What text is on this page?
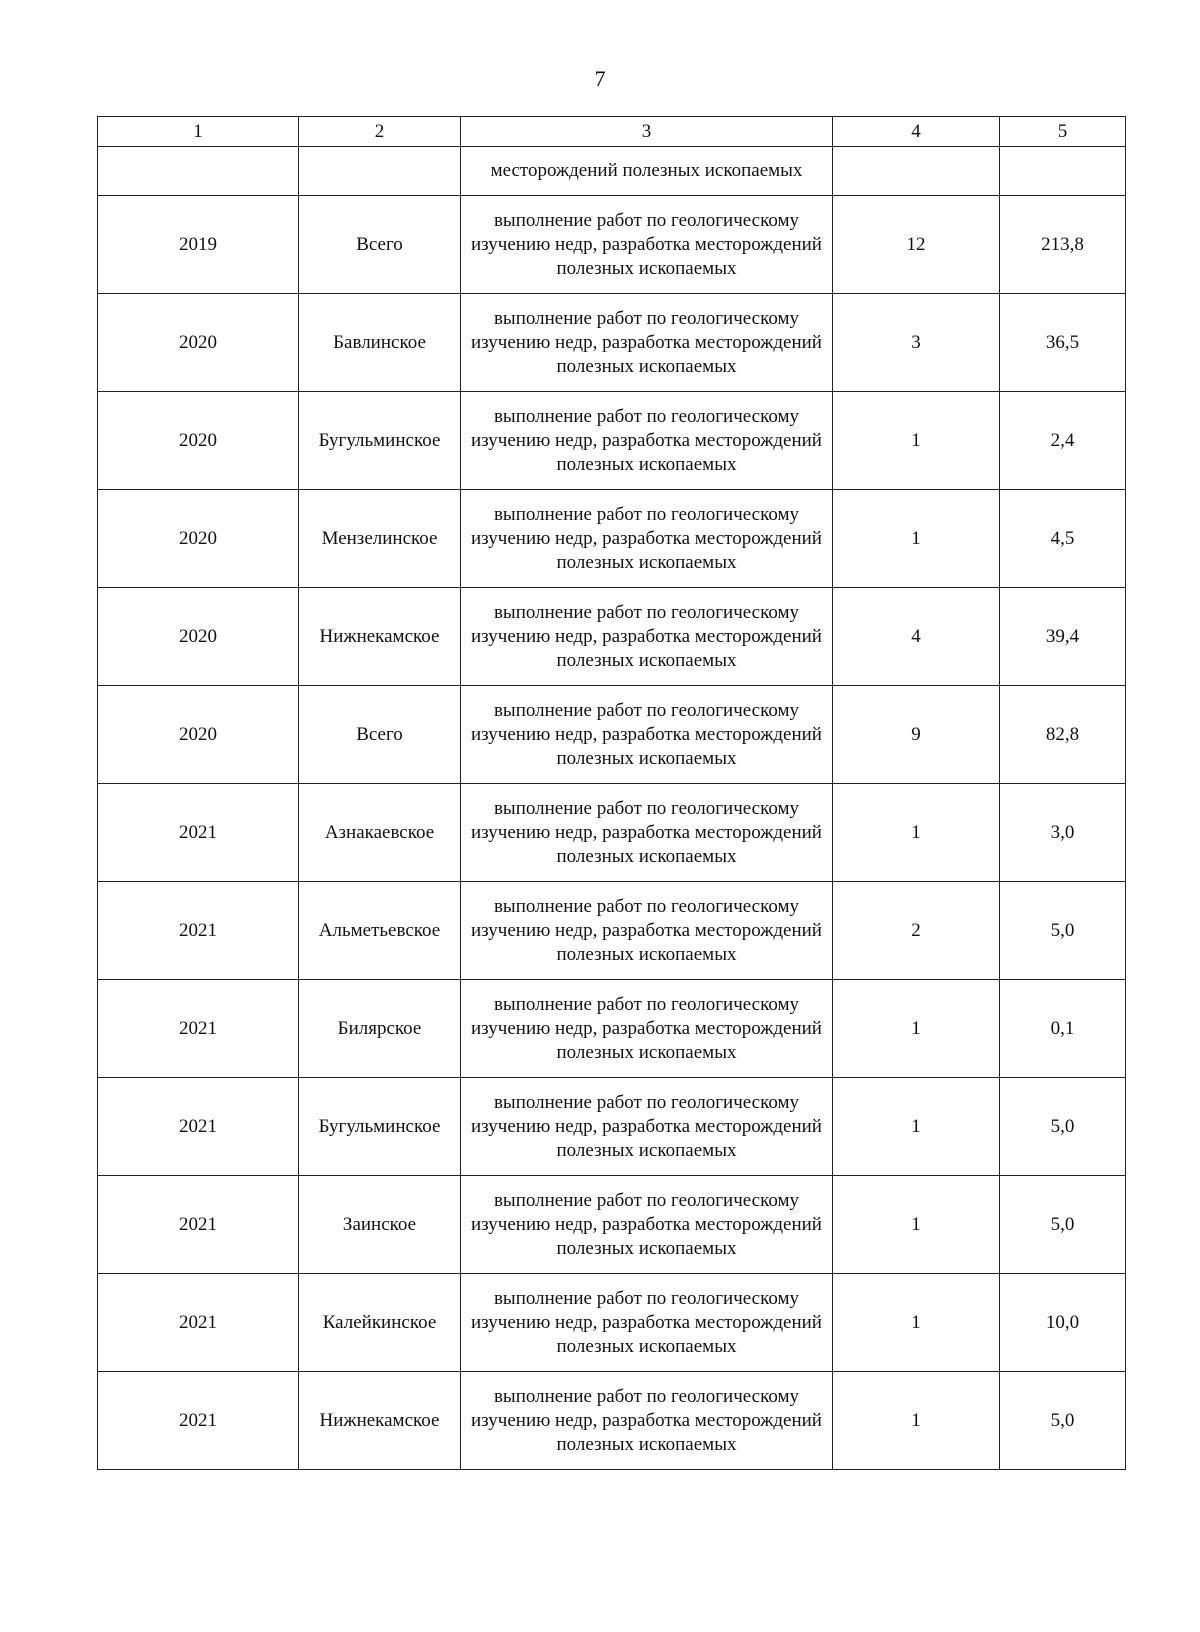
7
1	2	3	4	5

		месторождений полезных ископаемых		

2019	Всего	выполнение работ по геологическому изучению недр, разработка месторождений полезных ископаемых	12	213,8
2020	Бавлинское	выполнение работ по геологическому изучению недр, разработка месторождений полезных ископаемых	3	36,5
2020	Бугульминское	выполнение работ по геологическому изучению недр, разработка месторождений полезных ископаемых	1	2,4
2020	Мензелинское	выполнение работ по геологическому изучению недр, разработка месторождений полезных ископаемых	1	4,5
2020	Нижнекамское	выполнение работ по геологическому изучению недр, разработка месторождений полезных ископаемых	4	39,4
2020	Всего	выполнение работ по геологическому изучению недр, разработка месторождений полезных ископаемых	9	82,8
2021	Азнакаевское	выполнение работ по геологическому изучению недр, разработка месторождений полезных ископаемых	1	3,0
2021	Альметьевское	выполнение работ по геологическому изучению недр, разработка месторождений полезных ископаемых	2	5,0
2021	Билярское	выполнение работ по геологическому изучению недр, разработка месторождений полезных ископаемых	1	0,1
2021	Бугульминское	выполнение работ по геологическому изучению недр, разработка месторождений полезных ископаемых	1	5,0
2021	Заинское	выполнение работ по геологическому изучению недр, разработка месторождений полезных ископаемых	1	5,0
2021	Калейкинское	выполнение работ по геологическому изучению недр, разработка месторождений полезных ископаемых	1	10,0
2021	Нижнекамское	выполнение работ по геологическому изучению недр, разработка месторождений полезных ископаемых	1	5,0
